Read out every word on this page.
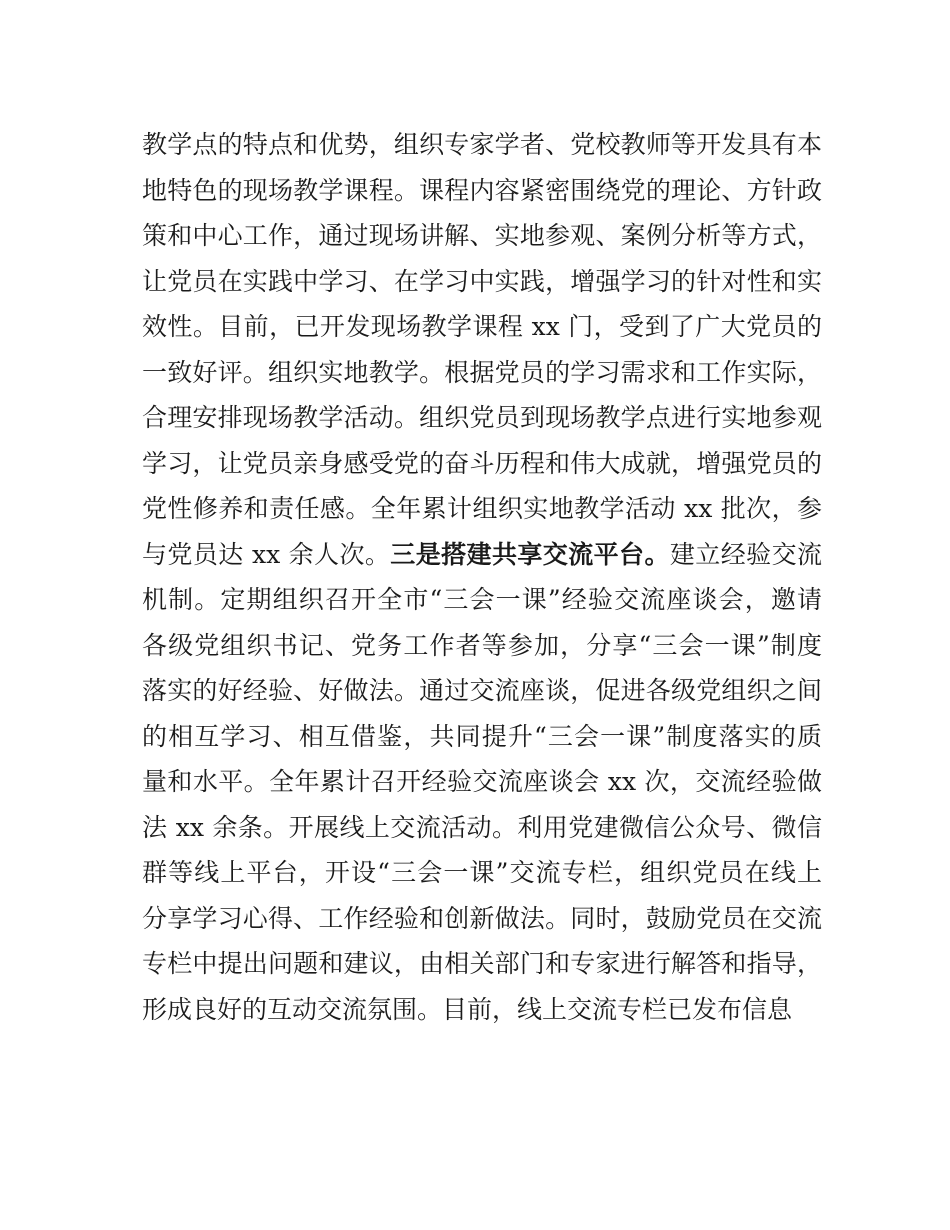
教学点的特点和优势，组织专家学者、党校教师等开发具有本
地特色的现场教学课程。课程内容紧密围绕党的理论、方针政
策和中心工作，通过现场讲解、实地参观、案例分析等方式，
让党员在实践中学习、在学习中实践，增强学习的针对性和实
效性。目前，已开发现场教学课程 xx 门，受到了广大党员的
一致好评。组织实地教学。根据党员的学习需求和工作实际，
合理安排现场教学活动。组织党员到现场教学点进行实地参观
学习，让党员亲身感受党的奋斗历程和伟大成就，增强党员的
党性修养和责任感。全年累计组织实地教学活动 xx 批次，参
与党员达 xx 余人次。三是搭建共享交流平台。建立经验交流
机制。定期组织召开全市“三会一课”经验交流座谈会，邀请
各级党组织书记、党务工作者等参加，分享“三会一课”制度
落实的好经验、好做法。通过交流座谈，促进各级党组织之间
的相互学习、相互借鉴，共同提升“三会一课”制度落实的质
量和水平。全年累计召开经验交流座谈会 xx 次，交流经验做
法 xx 余条。开展线上交流活动。利用党建微信公众号、微信
群等线上平台，开设“三会一课”交流专栏，组织党员在线上
分享学习心得、工作经验和创新做法。同时，鼓励党员在交流
专栏中提出问题和建议，由相关部门和专家进行解答和指导，
形成良好的互动交流氛围。目前，线上交流专栏已发布信息
